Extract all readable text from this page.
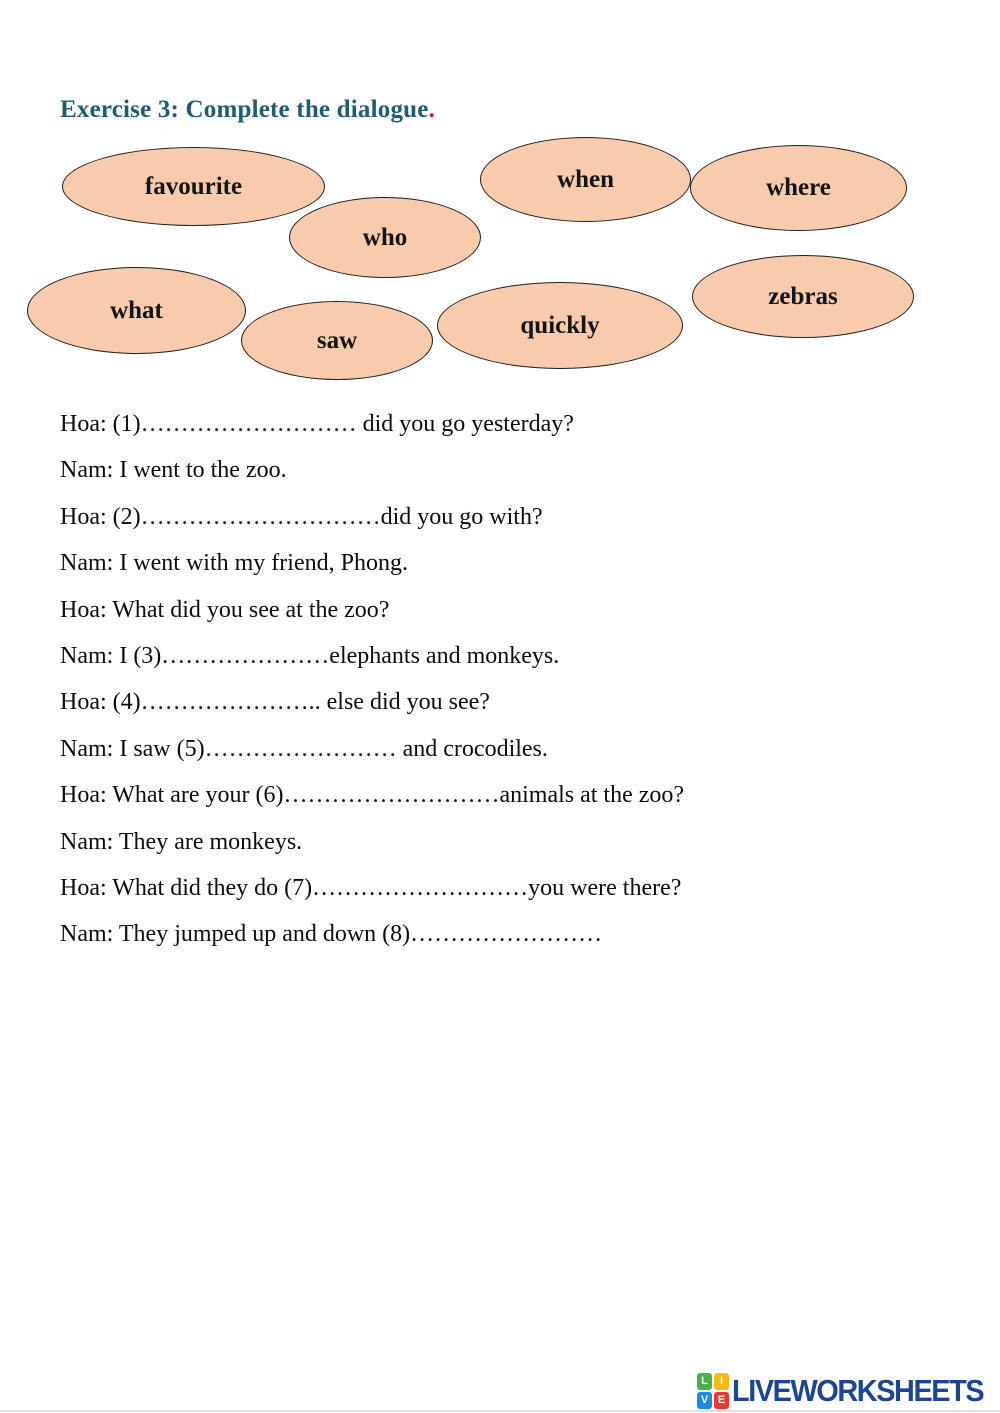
Exercise 3: Complete the dialogue.
favourite
who
when	where
what
saw
quickly
zebras
Hoa: (1)……………………… did you go yesterday?
Nam: I went to the zoo.
Hoa: (2)…………………………did you go with?
Nam: I went with my friend, Phong.
Hoa: What did you see at the zoo?
Nam: I (3)…………………elephants and monkeys.
Hoa: (4)………………….. else did you see?
Nam: I saw (5)…………………… and crocodiles.
Hoa: What are your (6)………………………animals at the zoo?
Nam: They are monkeys.
Hoa: What did they do (7)………………………you were there?
Nam: They jumped up and down (8)……………………
L	I
V E LIVEWORKSHEETS
